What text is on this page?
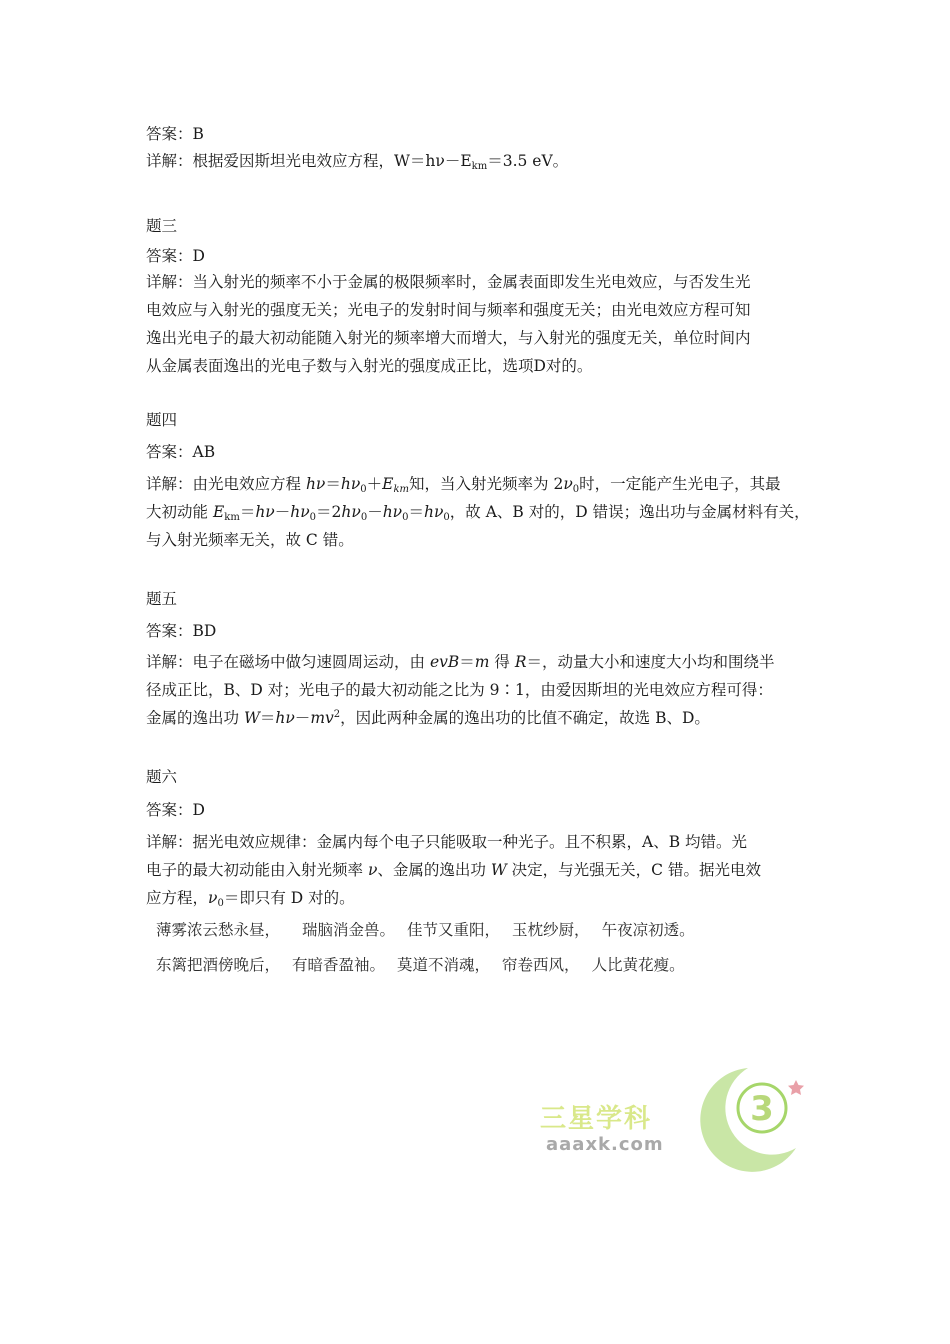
答案：B
详解：根据爱因斯坦光电效应方程，$W=h\nu-E_{km}=3.5$ eV。
题三
答案：D
详解：当入射光的频率不小于金属的极限频率时，金属表面即发生光电效应，与否发生光
电效应与入射光的强度无关；光电子的发射时间与频率和强度无关；由光电效应方程可知
逸出光电子的最大初动能随入射光的频率增大而增大，与入射光的强度无关，单位时间内
从金属表面逸出的光电子数与入射光的强度成正比，选项D对的。
题四
答案：AB
详解：由光电效应方程 $h\nu=h\nu_0+E_{km}$知，当入射光频率为 $2\nu_0$时，一定能产生光电子，其最
大初动能 $E_{km}=h\nu-h\nu_0=2h\nu_0-h\nu_0=h\nu_0$，故 A、B 对的，D 错误；逸出功与金属材料有关，
与入射光频率无关，故 C 错。
题五
答案：BD
详解：电子在磁场中做匀速圆周运动，由 evB＝m 得 R＝，动量大小和速度大小均和围绕半
径成正比，B、D 对；光电子的最大初动能之比为 9∶1，由爱因斯坦的光电效应方程可得：
金属的逸出功 $W=h\nu-mv^2$，因此两种金属的逸出功的比值不确定，故选 B、D。
题六
答案：D
详解：据光电效应规律：金属内每个电子只能吸取一种光子。且不积累，A、B 均错。光
电子的最大初动能由入射光频率 ν、金属的逸出功 W 决定，与光强无关，C 错。据光电效
应方程，$\nu_0=$即只有 D 对的。
薄雾浓云愁永昼， 瑞脑消金兽。 佳节又重阳， 玉枕纱厨， 午夜凉初透。
东篱把酒傍晚后， 有暗香盈袖。 莫道不消魂， 帘卷西风， 人比黄花瘦。
三星学科
aaaxk.com
3
